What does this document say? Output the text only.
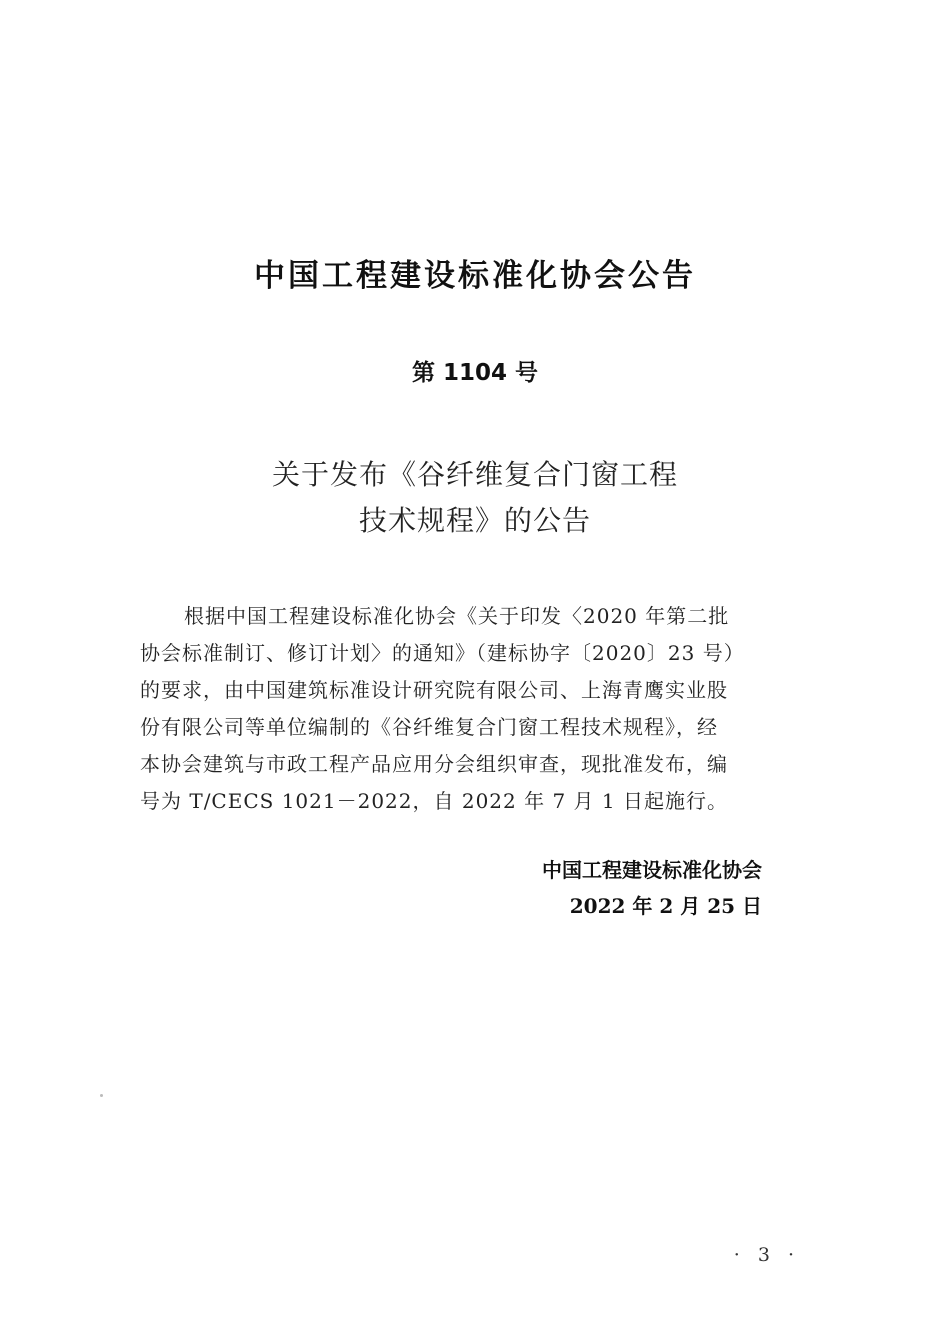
中国工程建设标准化协会公告
第 1104 号
关于发布《谷纤维复合门窗工程
技术规程》的公告

根据中国工程建设标准化协会《关于印发〈2020 年第二批
协会标准制订、修订计划〉的通知》（建标协字〔2020〕23 号）
的要求，由中国建筑标准设计研究院有限公司、上海青鹰实业股
份有限公司等单位编制的《谷纤维复合门窗工程技术规程》，经
本协会建筑与市政工程产品应用分会组织审查，现批准发布，编
号为 T/CECS 1021－2022，自 2022 年 7 月 1 日起施行。

中国工程建设标准化协会
2022 年 2 月 25 日
· 3 ·
